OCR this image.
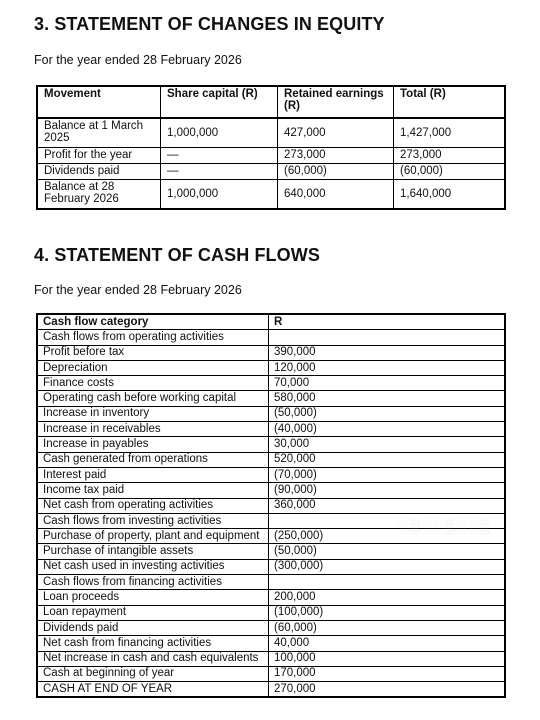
3. STATEMENT OF CHANGES IN EQUITY
For the year ended 28 February 2026
Movement	Share capital (R)	Retained earnings (R)	Total (R)
Balance at 1 March 2025	1,000,000	427,000	1,427,000
Profit for the year	—	273,000	273,000
Dividends paid	—	(60,000)	(60,000)
Balance at 28 February 2026	1,000,000	640,000	1,640,000
4. STATEMENT OF CASH FLOWS
For the year ended 28 February 2026
Cash flow category	R
Cash flows from operating activities	
Profit before tax	390,000
Depreciation	120,000
Finance costs	70,000
Operating cash before working capital	580,000
Increase in inventory	(50,000)
Increase in receivables	(40,000)
Increase in payables	30,000
Cash generated from operations	520,000
Interest paid	(70,000)
Income tax paid	(90,000)
Net cash from operating activities	360,000
Cash flows from investing activities	
Purchase of property, plant and equipment	(250,000)
Purchase of intangible assets	(50,000)
Net cash used in investing activities	(300,000)
Cash flows from financing activities	
Loan proceeds	200,000
Loan repayment	(100,000)
Dividends paid	(60,000)
Net cash from financing activities	40,000
Net increase in cash and cash equivalents	100,000
Cash at beginning of year	170,000
CASH AT END OF YEAR	270,000
░▒░░▒░░▒
